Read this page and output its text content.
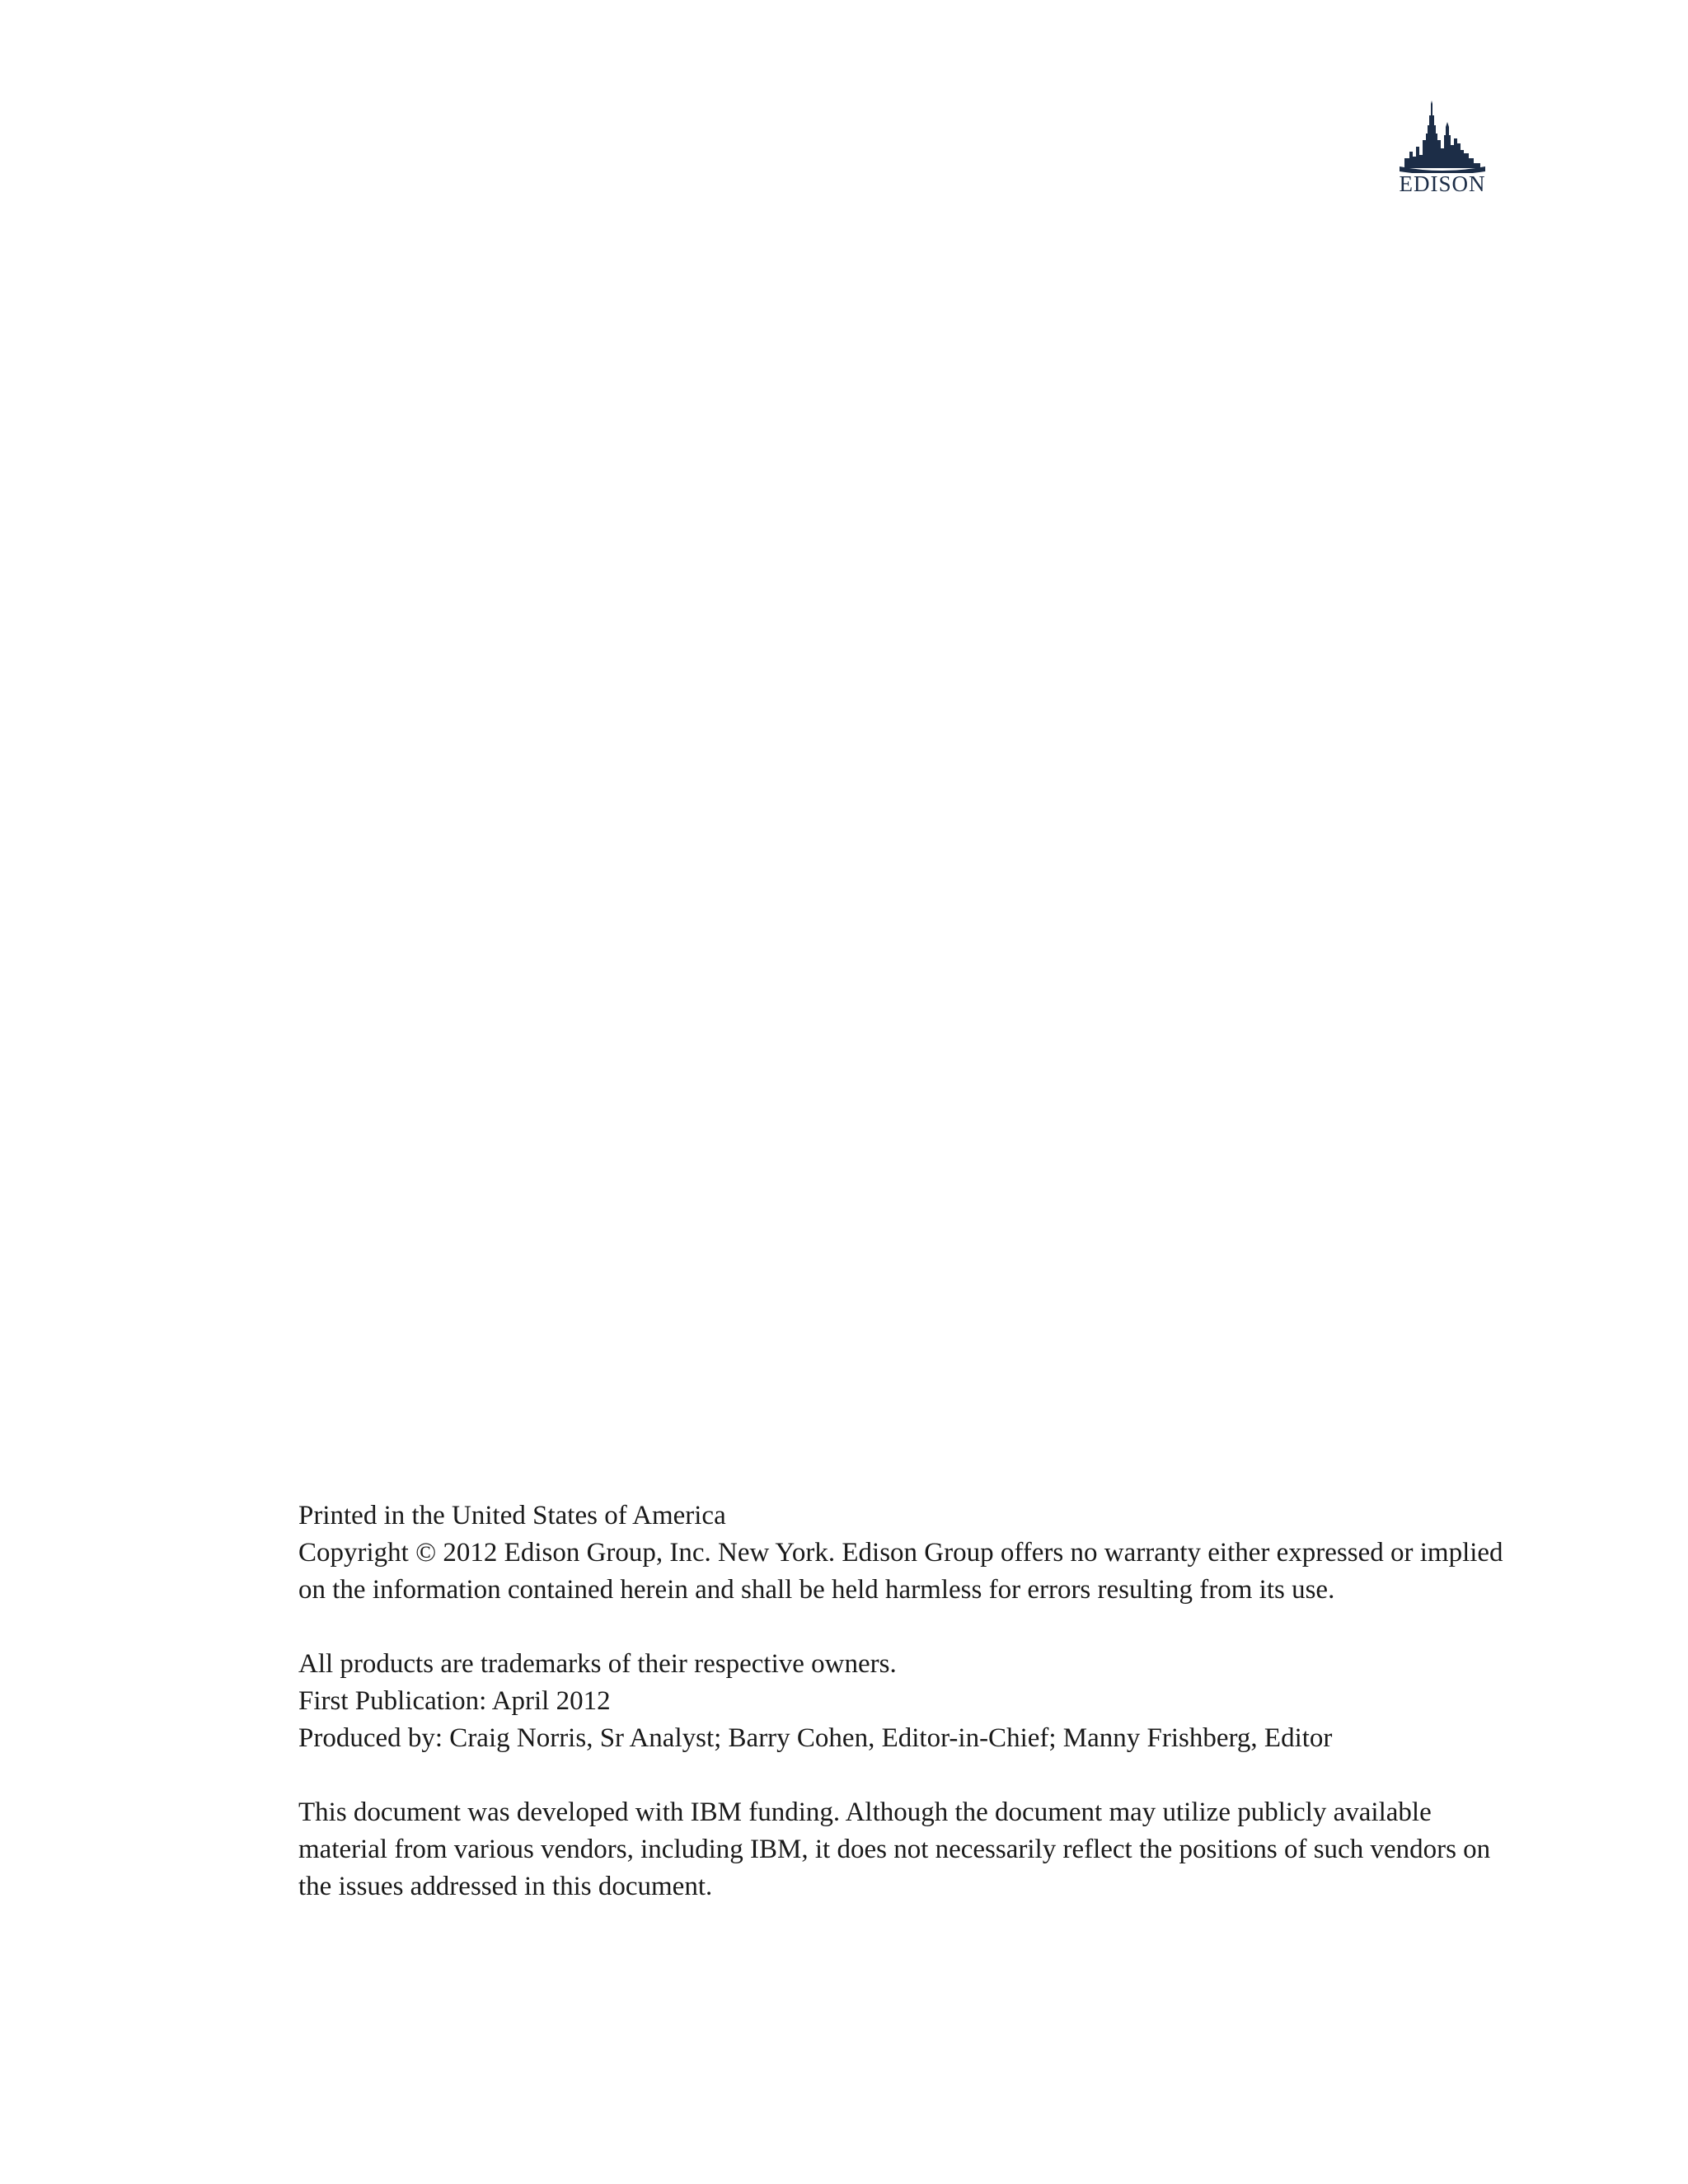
EDISON
Printed in the United States of America
Copyright © 2012 Edison Group, Inc. New York. Edison Group offers no warranty either expressed or implied on the information contained herein and shall be held harmless for errors resulting from its use.
All products are trademarks of their respective owners.
First Publication: April 2012
Produced by: Craig Norris, Sr Analyst; Barry Cohen, Editor-in-Chief; Manny Frishberg, Editor
This document was developed with IBM funding. Although the document may utilize publicly available material from various vendors, including IBM, it does not necessarily reflect the positions of such vendors on the issues addressed in this document.
